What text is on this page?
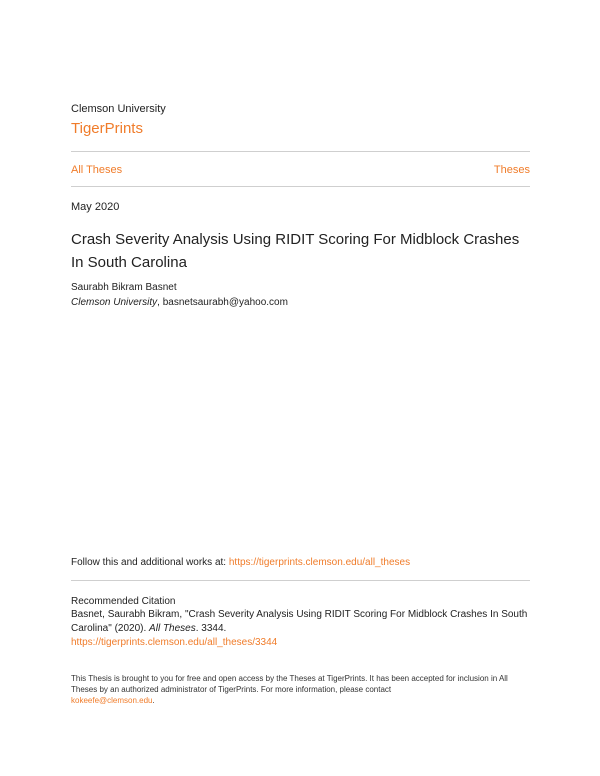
Clemson University
TigerPrints
All Theses	Theses
May 2020
Crash Severity Analysis Using RIDIT Scoring For Midblock Crashes In South Carolina
Saurabh Bikram Basnet
Clemson University, basnetsaurabh@yahoo.com
Follow this and additional works at: https://tigerprints.clemson.edu/all_theses
Recommended Citation
Basnet, Saurabh Bikram, "Crash Severity Analysis Using RIDIT Scoring For Midblock Crashes In South Carolina" (2020). All Theses. 3344.
https://tigerprints.clemson.edu/all_theses/3344
This Thesis is brought to you for free and open access by the Theses at TigerPrints. It has been accepted for inclusion in All Theses by an authorized administrator of TigerPrints. For more information, please contact
kokeefe@clemson.edu.
